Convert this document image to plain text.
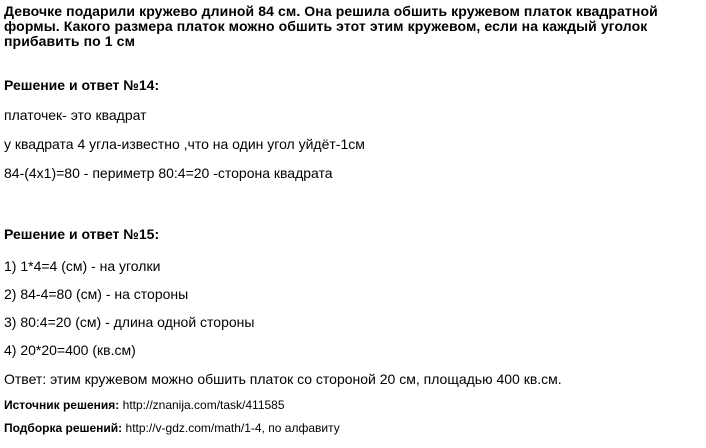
Девочке подарили кружево длиной 84 см. Она решила обшить кружевом платок квадратной формы. Какого размера платок можно обшить этот этим кружевом, если на каждый уголок прибавить по 1 см

Решение и ответ №14:

платочек- это квадрат

у квадрата 4 угла-известно ,что на один угол уйдёт-1см

84-(4х1)=80 - периметр 80:4=20 -сторона квадрата

Решение и ответ №15:

1) 1*4=4 (см) - на уголки

2) 84-4=80 (см) - на стороны

3) 80:4=20 (см) - длина одной стороны

4) 20*20=400 (кв.см)

Ответ: этим кружевом можно обшить платок со стороной 20 см, площадью 400 кв.см.

Источник решения: http://znanija.com/task/411585

Подборка решений: http://v-gdz.com/math/1-4, по алфавиту
